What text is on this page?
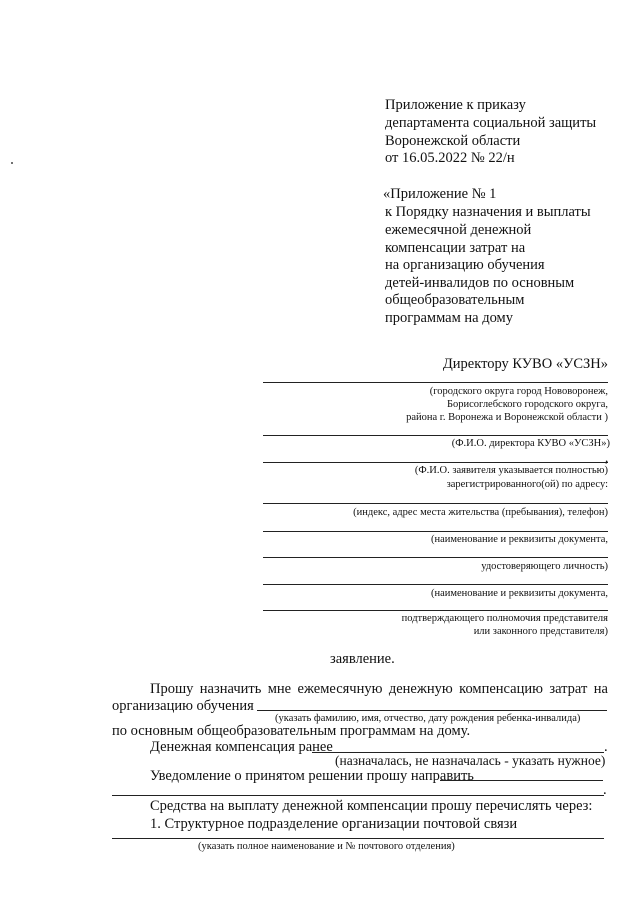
Приложение к приказу
департамента социальной защиты
Воронежской области
от 16.05.2022 № 22/н
«Приложение № 1
к Порядку назначения и выплаты
ежемесячной денежной
компенсации затрат на
на организацию обучения
детей-инвалидов по основным
общеобразовательным
программам на дому
Директору КУВО «УСЗН»
(городского округа город Нововоронеж,
Борисоглебского городского округа,
района г. Воронежа и Воронежской области )
(Ф.И.О. директора КУВО «УСЗН»)
,
(Ф.И.О. заявителя указывается полностью)
зарегистрированного(ой) по адресу:
(индекс, адрес места жительства (пребывания), телефон)
(наименование и реквизиты документа,
удостоверяющего личность)
(наименование и реквизиты документа,
подтверждающего полномочия представителя
или законного представителя)
заявление.
Прошу назначить мне ежемесячную денежную компенсацию затрат на
организацию обучения
(указать фамилию, имя, отчество, дату рождения ребенка-инвалида)
по основным общеобразовательным программам на дому.
Денежная компенсация ранее	.
(назначалась, не назначалась - указать нужное)
Уведомление о принятом решении прошу направить
.
Средства на выплату денежной компенсации прошу перечислять через:
1. Структурное подразделение организации почтовой связи
(указать полное наименование и № почтового отделения)
